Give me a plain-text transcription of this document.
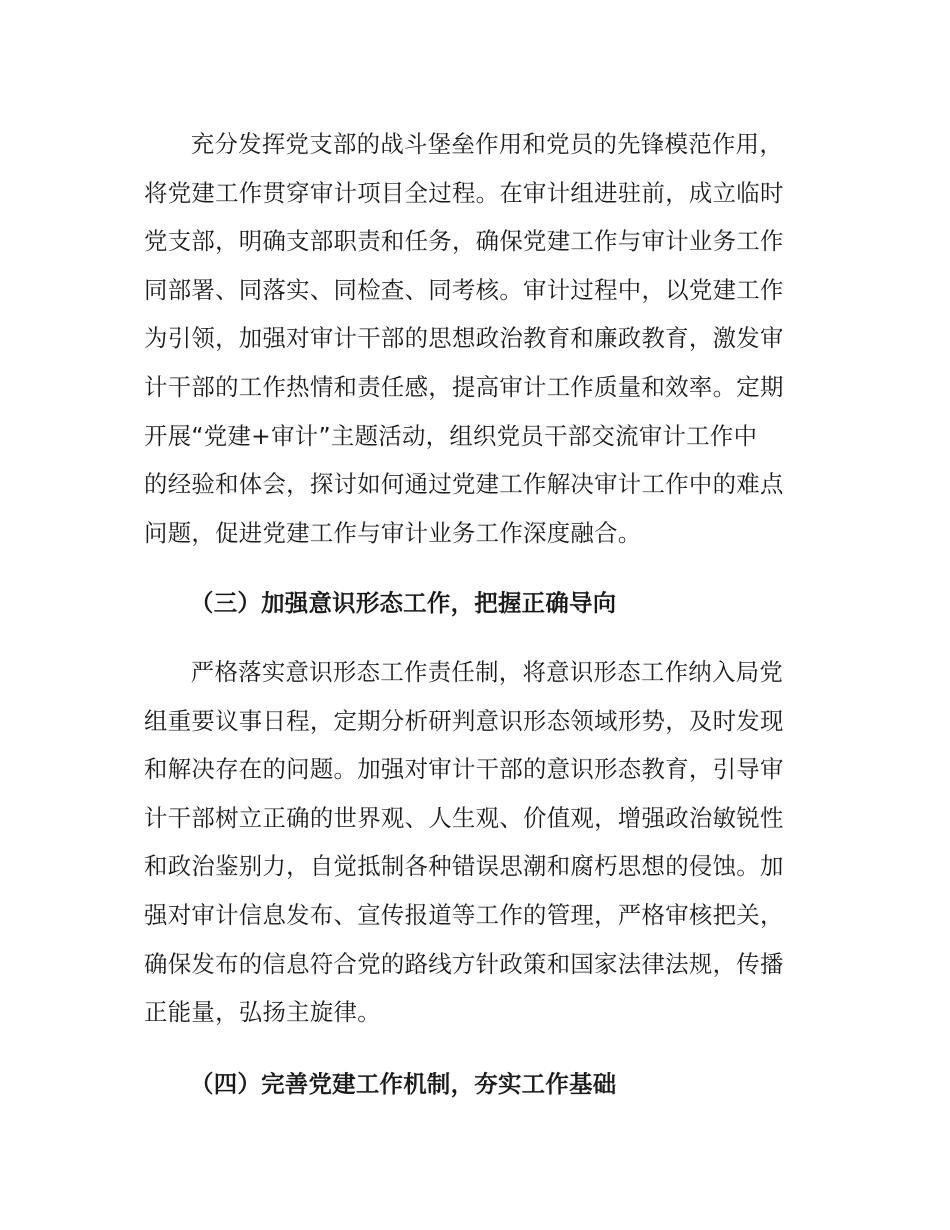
充分发挥党支部的战斗堡垒作用和党员的先锋模范作用，
将党建工作贯穿审计项目全过程。在审计组进驻前，成立临时
党支部，明确支部职责和任务，确保党建工作与审计业务工作
同部署、同落实、同检查、同考核。审计过程中，以党建工作
为引领，加强对审计干部的思想政治教育和廉政教育，激发审
计干部的工作热情和责任感，提高审计工作质量和效率。定期
开展“党建+审计”主题活动，组织党员干部交流审计工作中
的经验和体会，探讨如何通过党建工作解决审计工作中的难点
问题，促进党建工作与审计业务工作深度融合。

（三）加强意识形态工作，把握正确导向

严格落实意识形态工作责任制，将意识形态工作纳入局党
组重要议事日程，定期分析研判意识形态领域形势，及时发现
和解决存在的问题。加强对审计干部的意识形态教育，引导审
计干部树立正确的世界观、人生观、价值观，增强政治敏锐性
和政治鉴别力，自觉抵制各种错误思潮和腐朽思想的侵蚀。加
强对审计信息发布、宣传报道等工作的管理，严格审核把关，
确保发布的信息符合党的路线方针政策和国家法律法规，传播
正能量，弘扬主旋律。

（四）完善党建工作机制，夯实工作基础
